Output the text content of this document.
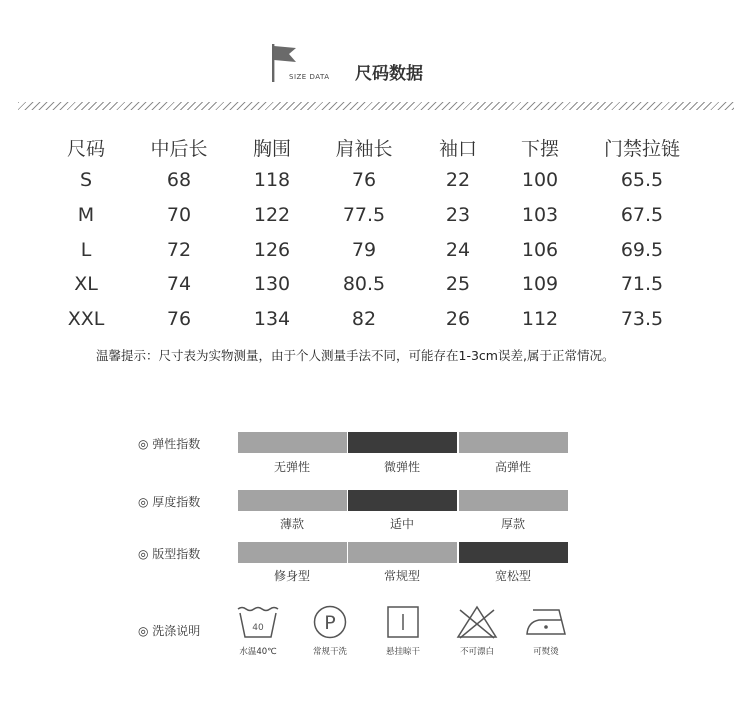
SIZE DATA 尺码数据
尺码 中后长 胸围 肩袖长 袖口 下摆 门禁拉链
S	68	118	76	22	100	65.5
M	70	122	77.5	23	103	67.5
L	72	126	79	24	106	69.5
XL	74	130	80.5	25	109	71.5
XXL	76	134	82	26	112	73.5
温馨提示：尺寸表为实物测量，由于个人测量手法不同，可能存在1-3cm误差,属于正常情况。
◎ 弹性指数
无弹性	微弹性	高弹性
◎ 厚度指数
薄款	适中	厚款
◎ 版型指数
修身型	常规型	宽松型
◎ 洗涤说明	40
水温40℃
P
常规干洗	悬挂晾干	不可漂白	可熨烫
